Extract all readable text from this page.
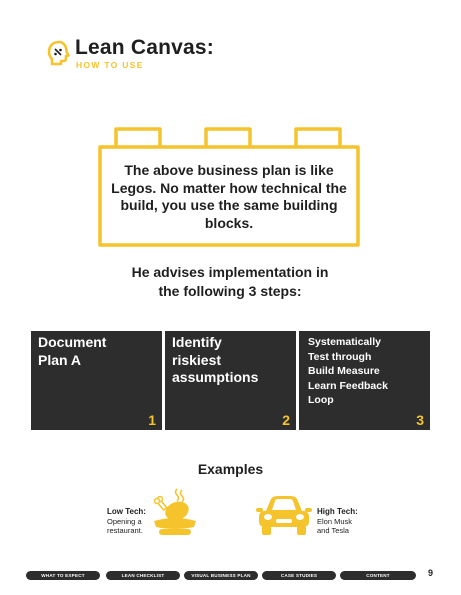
Lean Canvas:
HOW TO USE
The above business plan is like Legos. No matter how technical the build, you use the same building blocks.
He advises implementation in
the following 3 steps:
Document
Plan A
1
Identify
riskiest
assumptions
2
Systematically
Test through
Build Measure
Learn Feedback
Loop
3
Examples
Low Tech:
Opening a
restaurant.
High Tech:
Elon Musk
and Tesla
WHAT TO EXPECT	LEAN CHECKLIST	VISUAL BUSINESS PLAN	CASE STUDIES	CONTENT	9
